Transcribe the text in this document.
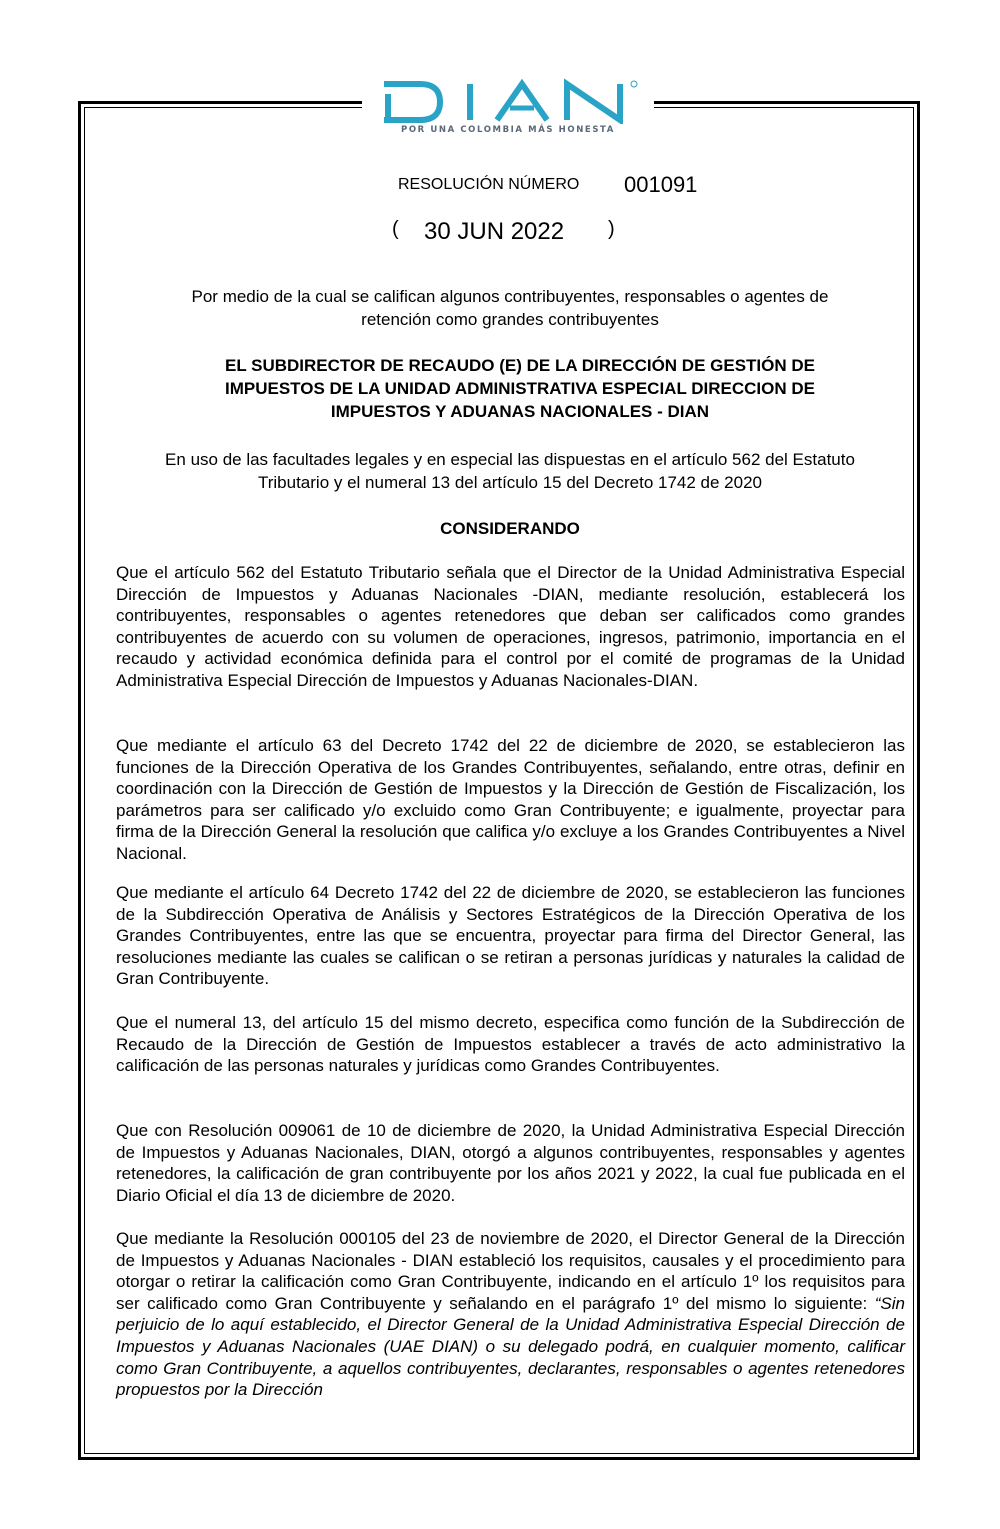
POR UNA COLOMBIA MÁS HONESTA
RESOLUCIÓN NÚMERO 001091
( 30 JUN 2022 )
Por medio de la cual se califican algunos contribuyentes, responsables o agentes de retención como grandes contribuyentes
EL SUBDIRECTOR DE RECAUDO (E) DE LA DIRECCIÓN DE GESTIÓN DE IMPUESTOS DE LA UNIDAD ADMINISTRATIVA ESPECIAL DIRECCION DE IMPUESTOS Y ADUANAS NACIONALES - DIAN
En uso de las facultades legales y en especial las dispuestas en el artículo 562 del Estatuto Tributario y el numeral 13 del artículo 15 del Decreto 1742 de 2020
CONSIDERANDO

Que el artículo 562 del Estatuto Tributario señala que el Director de la Unidad Administrativa Especial Dirección de Impuestos y Aduanas Nacionales -DIAN, mediante resolución, establecerá los contribuyentes, responsables o agentes retenedores que deban ser calificados como grandes contribuyentes de acuerdo con su volumen de operaciones, ingresos, patrimonio, importancia en el recaudo y actividad económica definida para el control por el comité de programas de la Unidad Administrativa Especial Dirección de Impuestos y Aduanas Nacionales-DIAN.

Que mediante el artículo 63 del Decreto 1742 del 22 de diciembre de 2020, se establecieron las funciones de la Dirección Operativa de los Grandes Contribuyentes, señalando, entre otras, definir en coordinación con la Dirección de Gestión de Impuestos y la Dirección de Gestión de Fiscalización, los parámetros para ser calificado y/o excluido como Gran Contribuyente; e igualmente, proyectar para firma de la Dirección General la resolución que califica y/o excluye a los Grandes Contribuyentes a Nivel Nacional.

Que mediante el artículo 64 Decreto 1742 del 22 de diciembre de 2020, se establecieron las funciones de la Subdirección Operativa de Análisis y Sectores Estratégicos de la Dirección Operativa de los Grandes Contribuyentes, entre las que se encuentra, proyectar para firma del Director General, las resoluciones mediante las cuales se califican o se retiran a personas jurídicas y naturales la calidad de Gran Contribuyente.

Que el numeral 13, del artículo 15 del mismo decreto, especifica como función de la Subdirección de Recaudo de la Dirección de Gestión de Impuestos establecer a través de acto administrativo la calificación de las personas naturales y jurídicas como Grandes Contribuyentes.

Que con Resolución 009061 de 10 de diciembre de 2020, la Unidad Administrativa Especial Dirección de Impuestos y Aduanas Nacionales, DIAN, otorgó a algunos contribuyentes, responsables y agentes retenedores, la calificación de gran contribuyente por los años 2021 y 2022, la cual fue publicada en el Diario Oficial el día 13 de diciembre de 2020.

Que mediante la Resolución 000105 del 23 de noviembre de 2020, el Director General de la Dirección de Impuestos y Aduanas Nacionales - DIAN estableció los requisitos, causales y el procedimiento para otorgar o retirar la calificación como Gran Contribuyente, indicando en el artículo 1º los requisitos para ser calificado como Gran Contribuyente y señalando en el parágrafo 1º del mismo lo siguiente: “Sin perjuicio de lo aquí establecido, el Director General de la Unidad Administrativa Especial Dirección de Impuestos y Aduanas Nacionales (UAE DIAN) o su delegado podrá, en cualquier momento, calificar como Gran Contribuyente, a aquellos contribuyentes, declarantes, responsables o agentes retenedores propuestos por la Dirección
